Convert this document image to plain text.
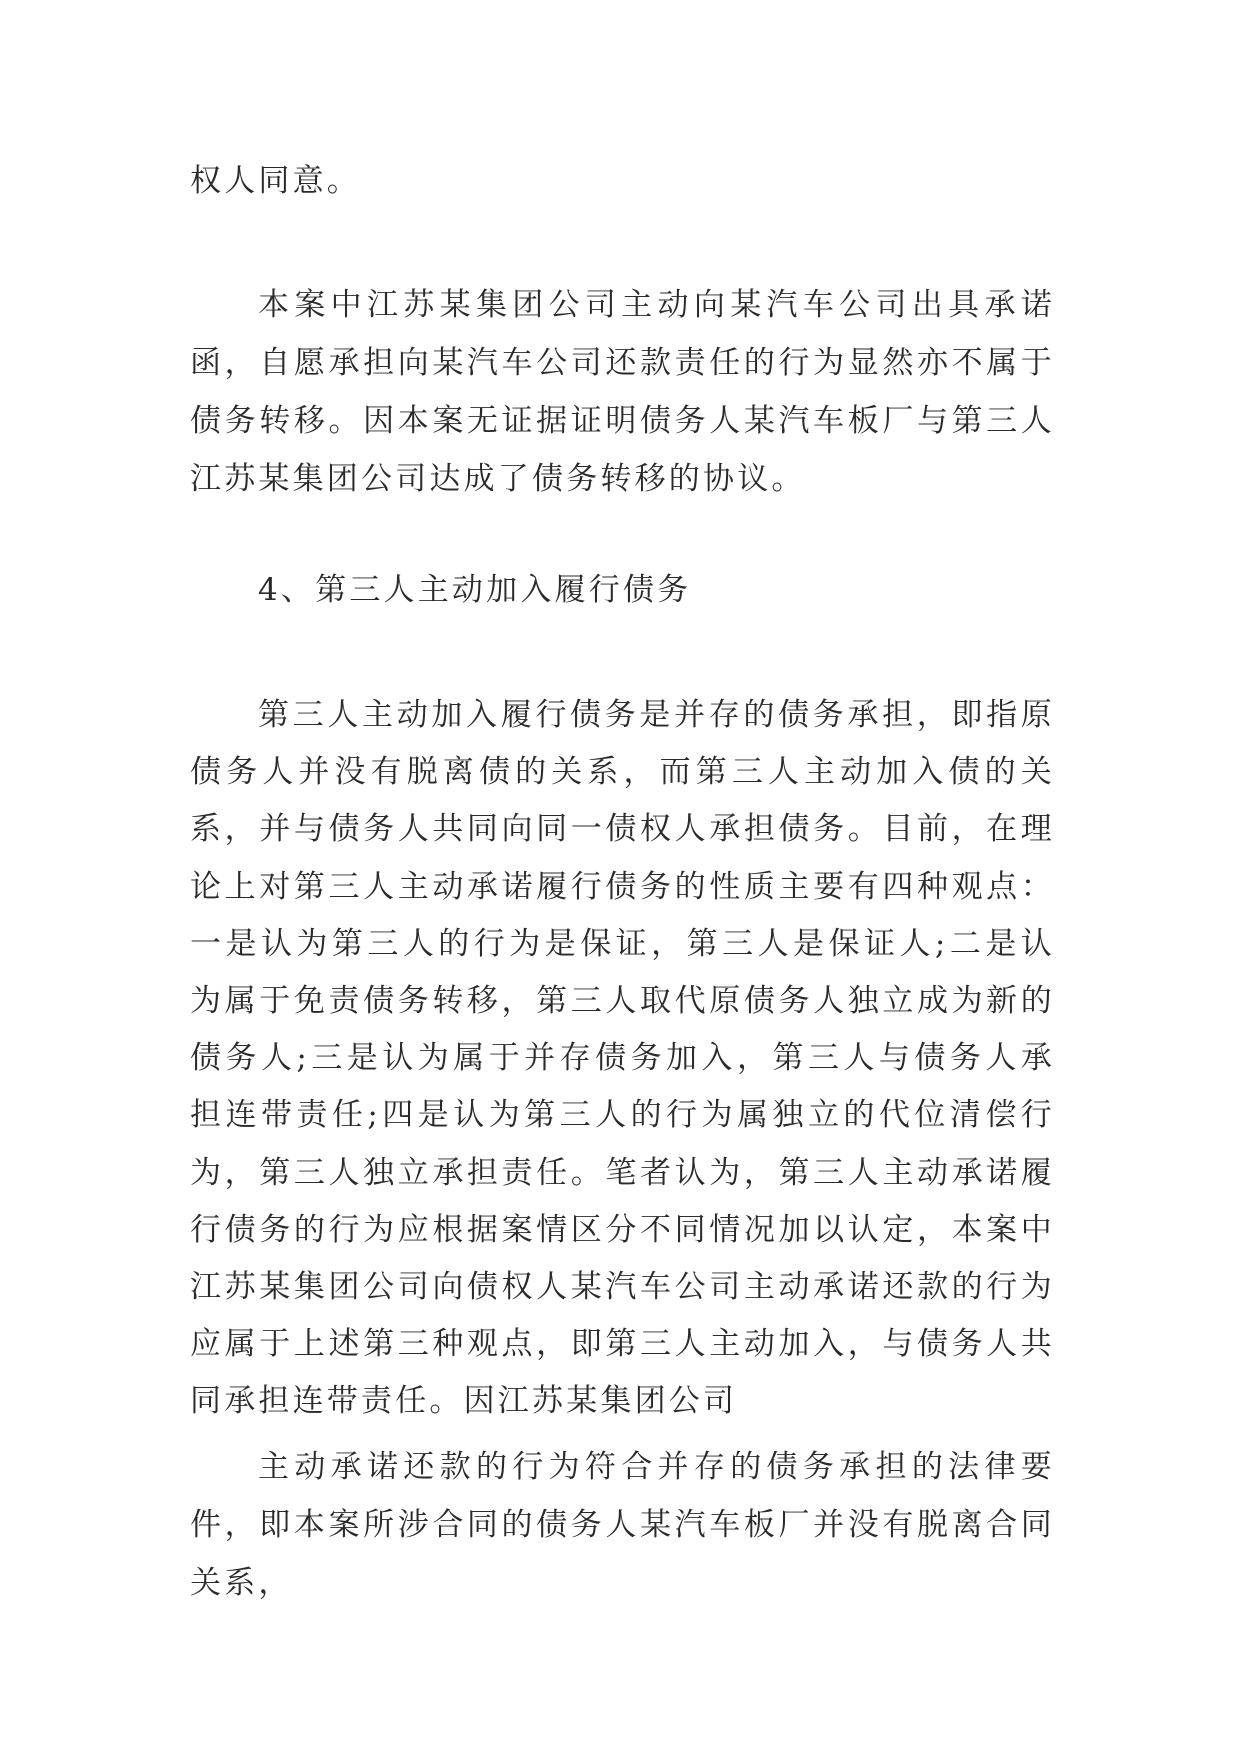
权人同意。

本案中江苏某集团公司主动向某汽车公司出具承诺函，自愿承担向某汽车公司还款责任的行为显然亦不属于债务转移。因本案无证据证明债务人某汽车板厂与第三人江苏某集团公司达成了债务转移的协议。

4、第三人主动加入履行债务

第三人主动加入履行债务是并存的债务承担，即指原债务人并没有脱离债的关系，而第三人主动加入债的关系，并与债务人共同向同一债权人承担债务。目前，在理论上对第三人主动承诺履行债务的性质主要有四种观点：一是认为第三人的行为是保证，第三人是保证人;二是认为属于免责债务转移，第三人取代原债务人独立成为新的债务人;三是认为属于并存债务加入，第三人与债务人承担连带责任;四是认为第三人的行为属独立的代位清偿行为，第三人独立承担责任。笔者认为，第三人主动承诺履行债务的行为应根据案情区分不同情况加以认定，本案中江苏某集团公司向债权人某汽车公司主动承诺还款的行为应属于上述第三种观点，即第三人主动加入，与债务人共同承担连带责任。因江苏某集团公司

主动承诺还款的行为符合并存的债务承担的法律要件，即本案所涉合同的债务人某汽车板厂并没有脱离合同关系，
